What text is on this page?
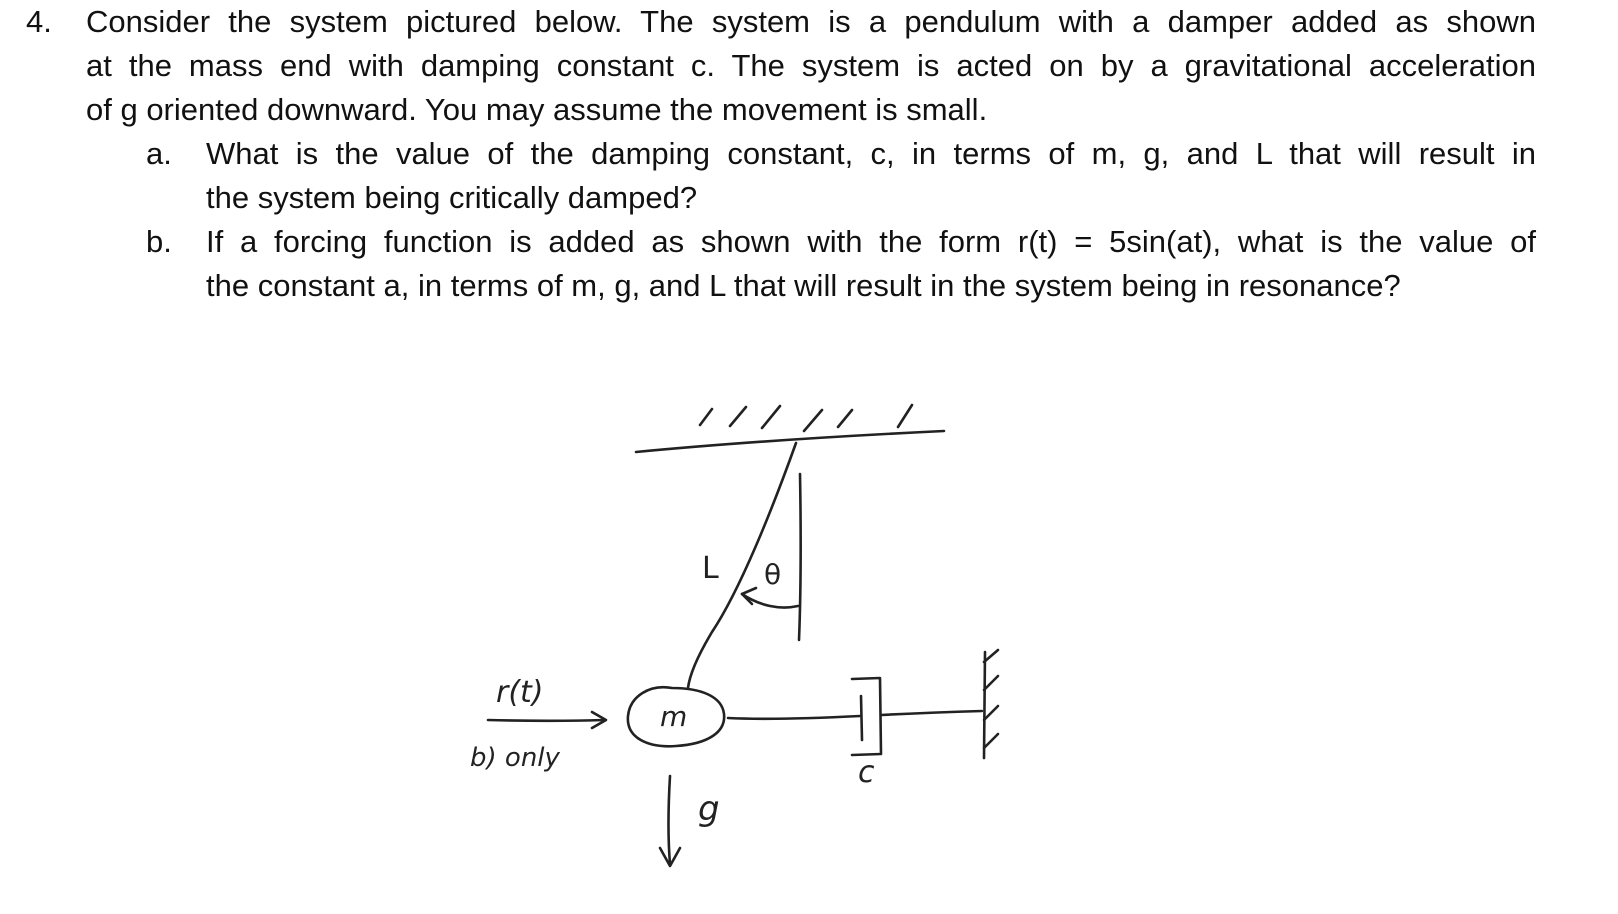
4. Consider the system pictured below. The system is a pendulum with a damper added as shown
at the mass end with damping constant c. The system is acted on by a gravitational acceleration
of g oriented downward. You may assume the movement is small.
a. What is the value of the damping constant, c, in terms of m, g, and L that will result in
the system being critically damped?
b. If a forcing function is added as shown with the form r(t) = 5sin(at), what is the value of
the constant a, in terms of m, g, and L that will result in the system being in resonance?
L θ
m
r(t)
b) only	c
g
